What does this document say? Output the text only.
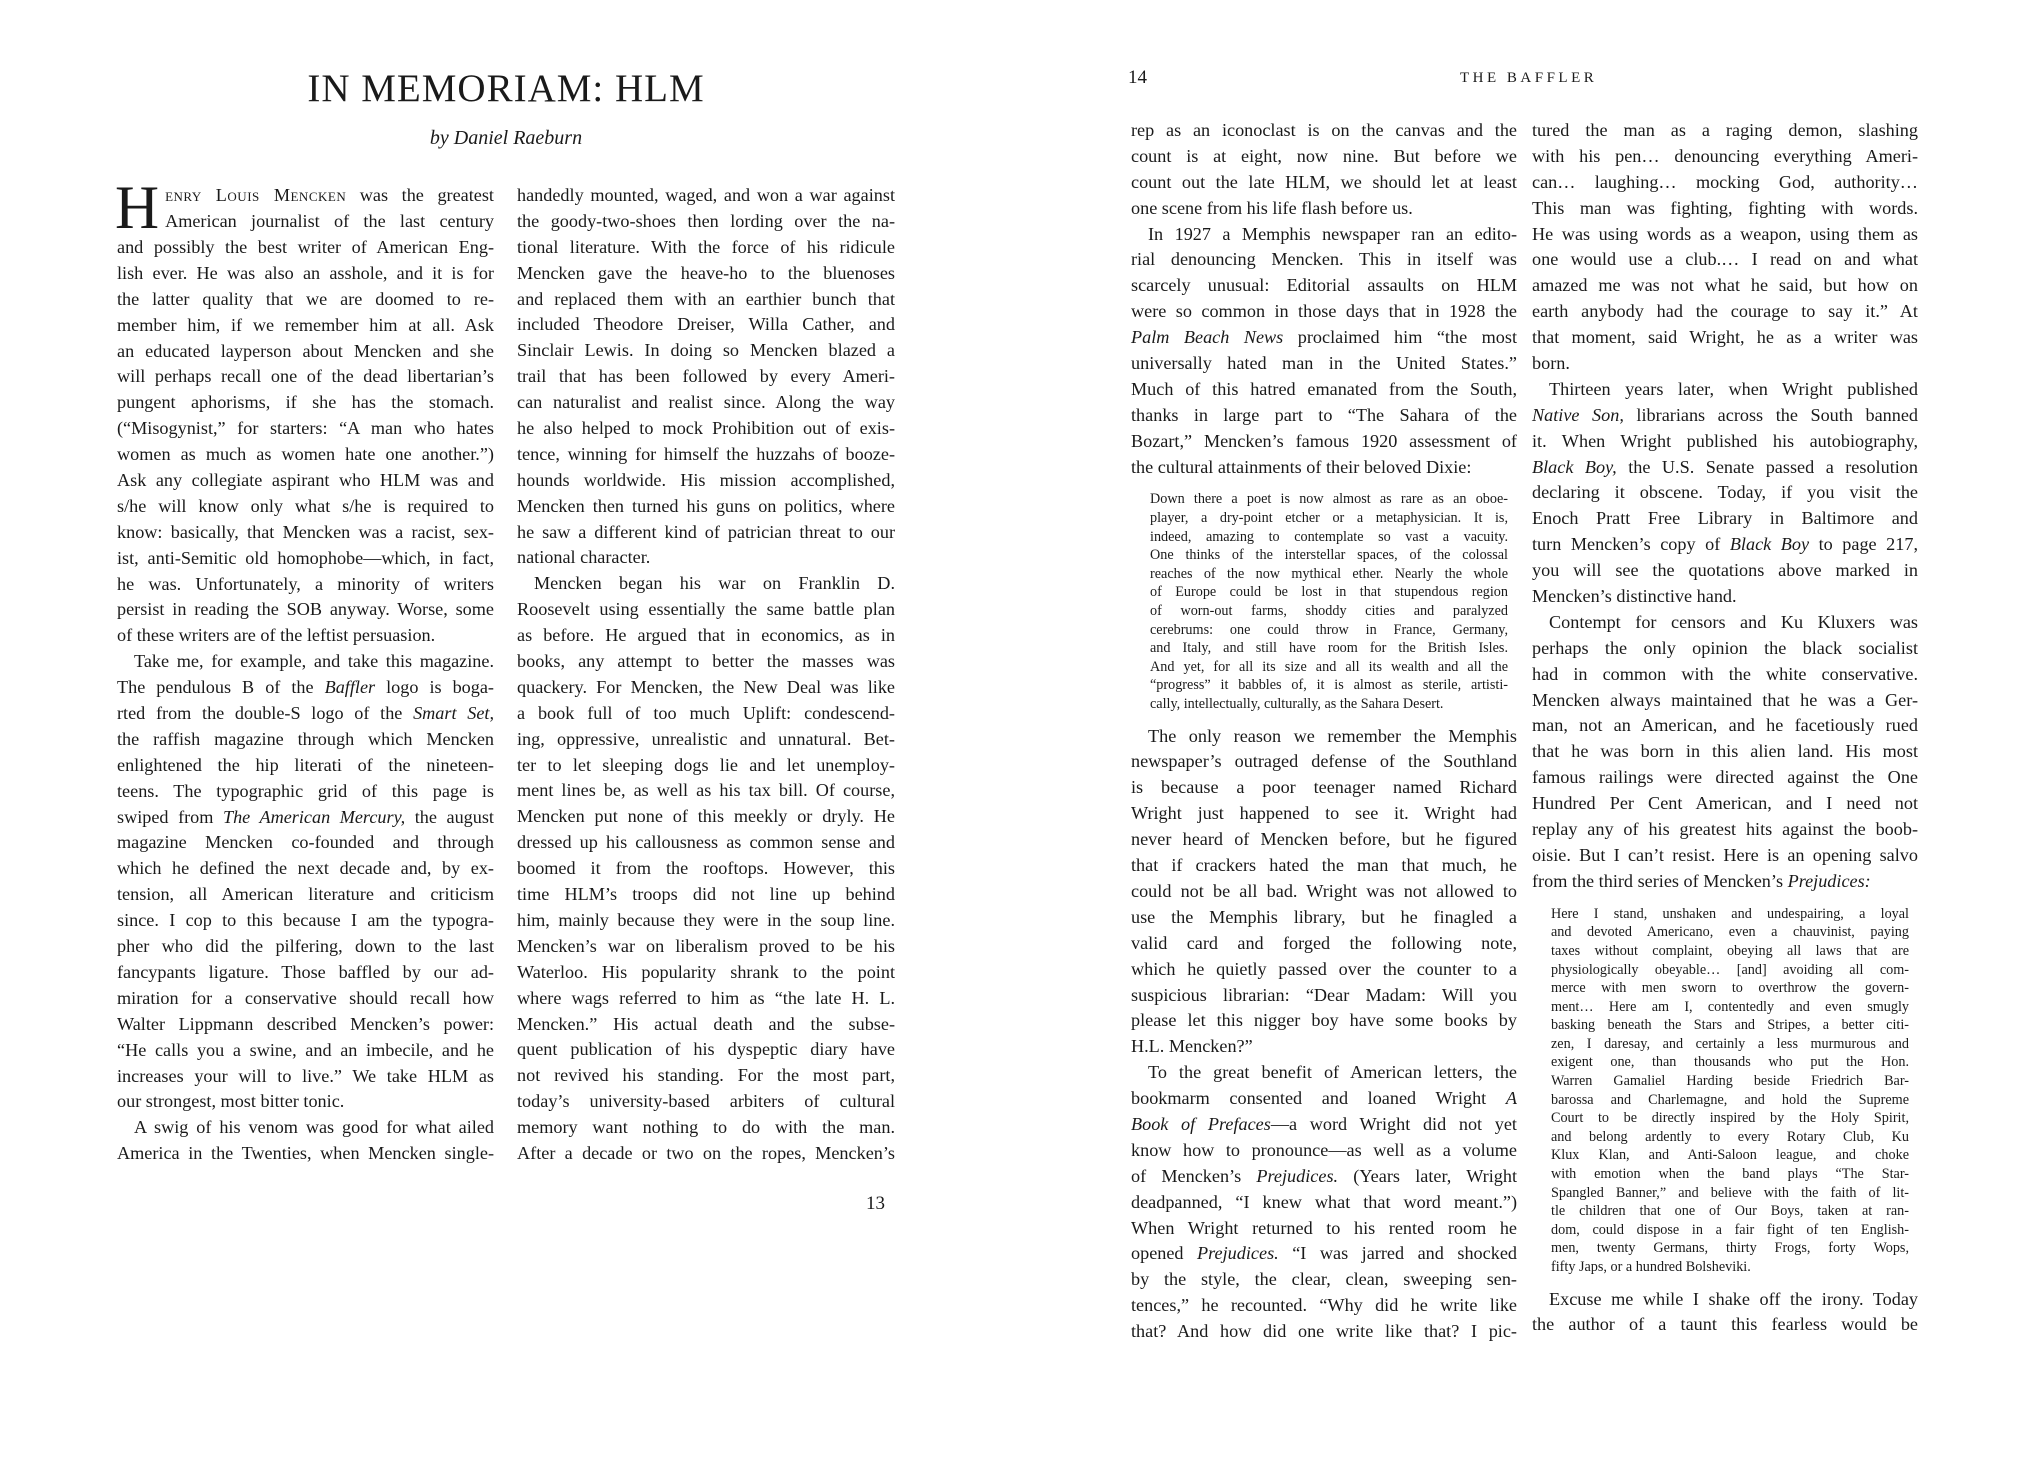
IN MEMORIAM: HLM

by Daniel Raeburn

H enry Louis Mencken was the greatest
American journalist of the last century
and possibly the best writer of American Eng-
lish ever. He was also an asshole, and it is for
the latter quality that we are doomed to re-
member him, if we remember him at all. Ask
an educated layperson about Mencken and she
will perhaps recall one of the dead libertarian’s
pungent aphorisms, if she has the stomach.
(“Misogynist,” for starters: “A man who hates
women as much as women hate one another.”)
Ask any collegiate aspirant who HLM was and
s/he will know only what s/he is required to
know: basically, that Mencken was a racist, sex-
ist, anti-Semitic old homophobe—which, in fact,
he was. Unfortunately, a minority of writers
persist in reading the SOB anyway. Worse, some
of these writers are of the leftist persuasion.
Take me, for example, and take this magazine.
The pendulous B of the Baffler logo is boga-
rted from the double-S logo of the Smart Set,
the raffish magazine through which Mencken
enlightened the hip literati of the nineteen-
teens. The typographic grid of this page is
swiped from The American Mercury, the august
magazine Mencken co-founded and through
which he defined the next decade and, by ex-
tension, all American literature and criticism
since. I cop to this because I am the typogra-
pher who did the pilfering, down to the last
fancypants ligature. Those baffled by our ad-
miration for a conservative should recall how
Walter Lippmann described Mencken’s power:
“He calls you a swine, and an imbecile, and he
increases your will to live.” We take HLM as
our strongest, most bitter tonic.
A swig of his venom was good for what ailed
America in the Twenties, when Mencken single-
handedly mounted, waged, and won a war against
the goody-two-shoes then lording over the na-
tional literature. With the force of his ridicule
Mencken gave the heave-ho to the bluenoses
and replaced them with an earthier bunch that
included Theodore Dreiser, Willa Cather, and
Sinclair Lewis. In doing so Mencken blazed a
trail that has been followed by every Ameri-
can naturalist and realist since. Along the way
he also helped to mock Prohibition out of exis-
tence, winning for himself the huzzahs of booze-
hounds worldwide. His mission accomplished,
Mencken then turned his guns on politics, where
he saw a different kind of patrician threat to our
national character.
Mencken began his war on Franklin D.
Roosevelt using essentially the same battle plan
as before. He argued that in economics, as in
books, any attempt to better the masses was
quackery. For Mencken, the New Deal was like
a book full of too much Uplift: condescend-
ing, oppressive, unrealistic and unnatural. Bet-
ter to let sleeping dogs lie and let unemploy-
ment lines be, as well as his tax bill. Of course,
Mencken put none of this meekly or dryly. He
dressed up his callousness as common sense and
boomed it from the rooftops. However, this
time HLM’s troops did not line up behind
him, mainly because they were in the soup line.
Mencken’s war on liberalism proved to be his
Waterloo. His popularity shrank to the point
where wags referred to him as “the late H. L.
Mencken.” His actual death and the subse-
quent publication of his dyspeptic diary have
not revived his standing. For the most part,
today’s university-based arbiters of cultural
memory want nothing to do with the man.
After a decade or two on the ropes, Mencken’s
13
14	THE BAFFLER
rep as an iconoclast is on the canvas and the
count is at eight, now nine. But before we
count out the late HLM, we should let at least
one scene from his life flash before us.
In 1927 a Memphis newspaper ran an edito-
rial denouncing Mencken. This in itself was
scarcely unusual: Editorial assaults on HLM
were so common in those days that in 1928 the
Palm Beach News proclaimed him “the most
universally hated man in the United States.”
Much of this hatred emanated from the South,
thanks in large part to “The Sahara of the
Bozart,” Mencken’s famous 1920 assessment of
the cultural attainments of their beloved Dixie:
Down there a poet is now almost as rare as an oboe-
player, a dry-point etcher or a metaphysician. It is,
indeed, amazing to contemplate so vast a vacuity.
One thinks of the interstellar spaces, of the colossal
reaches of the now mythical ether. Nearly the whole
of Europe could be lost in that stupendous region
of worn-out farms, shoddy cities and paralyzed
cerebrums: one could throw in France, Germany,
and Italy, and still have room for the British Isles.
And yet, for all its size and all its wealth and all the
“progress” it babbles of, it is almost as sterile, artisti-
cally, intellectually, culturally, as the Sahara Desert.
The only reason we remember the Memphis
newspaper’s outraged defense of the Southland
is because a poor teenager named Richard
Wright just happened to see it. Wright had
never heard of Mencken before, but he figured
that if crackers hated the man that much, he
could not be all bad. Wright was not allowed to
use the Memphis library, but he finagled a
valid card and forged the following note,
which he quietly passed over the counter to a
suspicious librarian: “Dear Madam: Will you
please let this nigger boy have some books by
H.L. Mencken?”
To the great benefit of American letters, the
bookmarm consented and loaned Wright A
Book of Prefaces—a word Wright did not yet
know how to pronounce—as well as a volume
of Mencken’s Prejudices. (Years later, Wright
deadpanned, “I knew what that word meant.”)
When Wright returned to his rented room he
opened Prejudices. “I was jarred and shocked
by the style, the clear, clean, sweeping sen-
tences,” he recounted. “Why did he write like
that? And how did one write like that? I pic-
tured the man as a raging demon, slashing
with his pen… denouncing everything Ameri-
can… laughing… mocking God, authority…
This man was fighting, fighting with words.
He was using words as a weapon, using them as
one would use a club.… I read on and what
amazed me was not what he said, but how on
earth anybody had the courage to say it.” At
that moment, said Wright, he as a writer was
born.
Thirteen years later, when Wright published
Native Son, librarians across the South banned
it. When Wright published his autobiography,
Black Boy, the U.S. Senate passed a resolution
declaring it obscene. Today, if you visit the
Enoch Pratt Free Library in Baltimore and
turn Mencken’s copy of Black Boy to page 217,
you will see the quotations above marked in
Mencken’s distinctive hand.
Contempt for censors and Ku Kluxers was
perhaps the only opinion the black socialist
had in common with the white conservative.
Mencken always maintained that he was a Ger-
man, not an American, and he facetiously rued
that he was born in this alien land. His most
famous railings were directed against the One
Hundred Per Cent American, and I need not
replay any of his greatest hits against the boob-
oisie. But I can’t resist. Here is an opening salvo
from the third series of Mencken’s Prejudices:
Here I stand, unshaken and undespairing, a loyal
and devoted Americano, even a chauvinist, paying
taxes without complaint, obeying all laws that are
physiologically obeyable… [and] avoiding all com-
merce with men sworn to overthrow the govern-
ment… Here am I, contentedly and even smugly
basking beneath the Stars and Stripes, a better citi-
zen, I daresay, and certainly a less murmurous and
exigent one, than thousands who put the Hon.
Warren Gamaliel Harding beside Friedrich Bar-
barossa and Charlemagne, and hold the Supreme
Court to be directly inspired by the Holy Spirit,
and belong ardently to every Rotary Club, Ku
Klux Klan, and Anti-Saloon league, and choke
with emotion when the band plays “The Star-
Spangled Banner,” and believe with the faith of lit-
tle children that one of Our Boys, taken at ran-
dom, could dispose in a fair fight of ten English-
men, twenty Germans, thirty Frogs, forty Wops,
fifty Japs, or a hundred Bolsheviki.
Excuse me while I shake off the irony. Today
the author of a taunt this fearless would be
